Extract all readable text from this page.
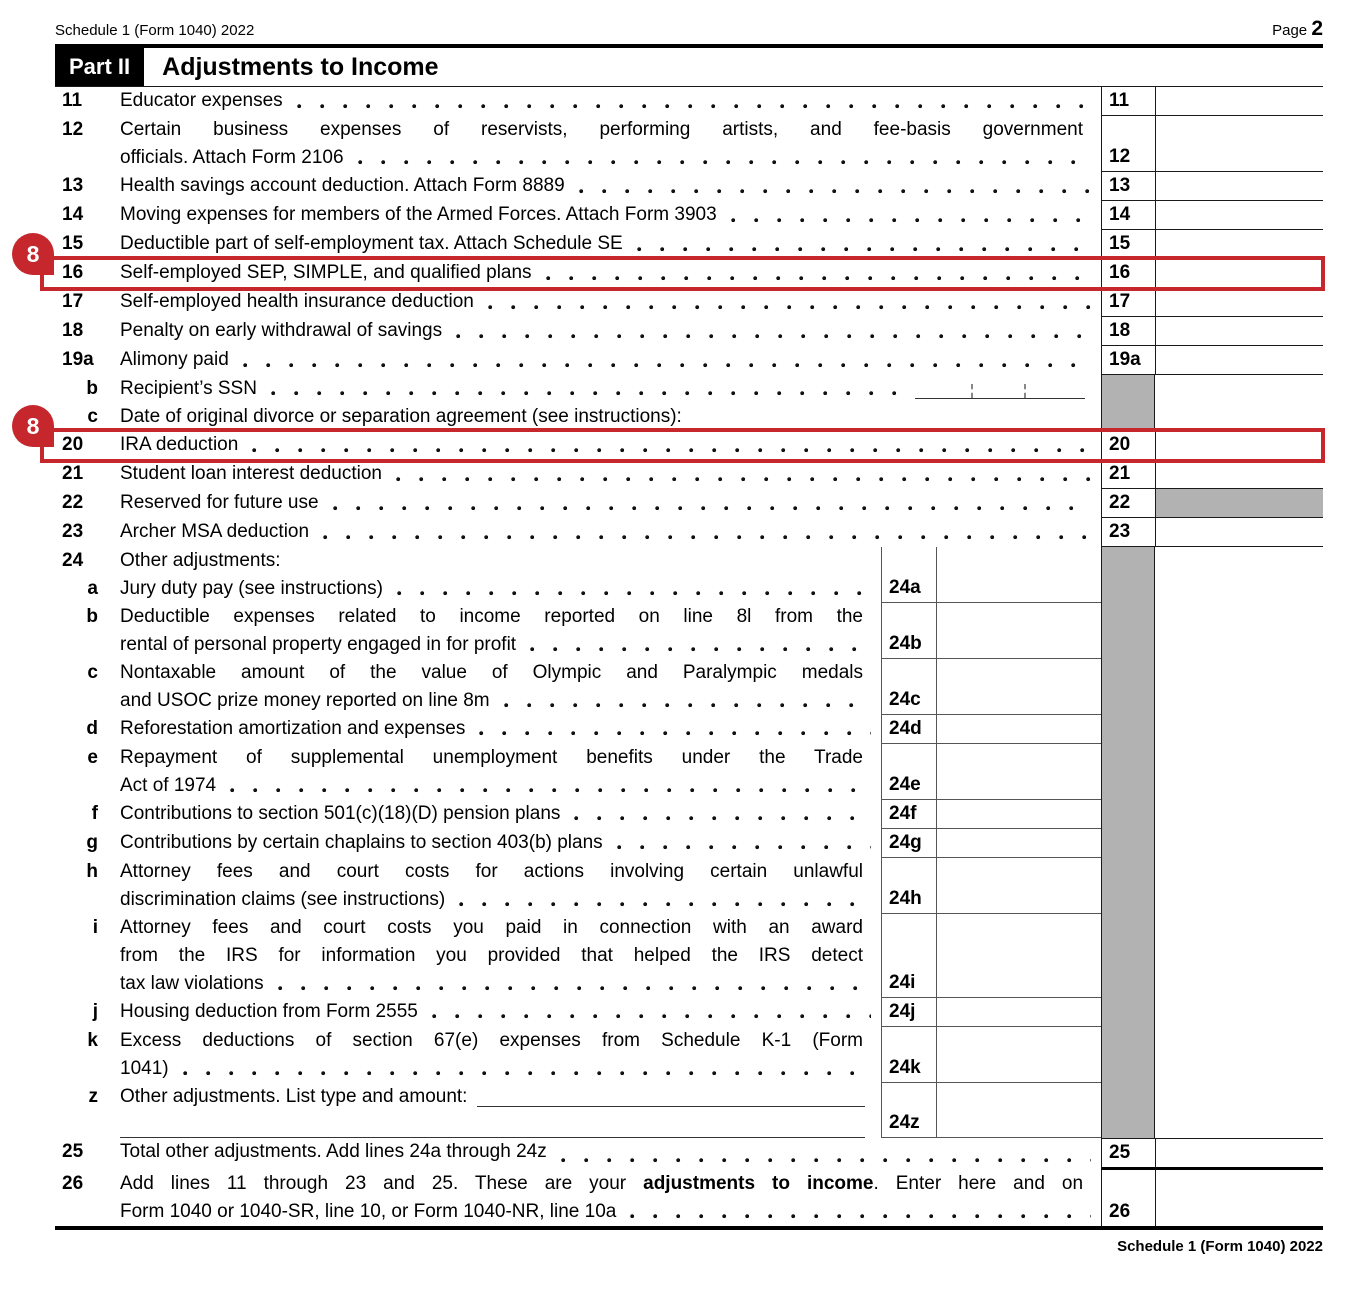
Schedule 1 (Form 1040) 2022	Page 2
Part II	Adjustments to Income
11	Educator expenses	11
12	Certain business expenses of reservists, performing artists, and fee-basis government
officials. Attach Form 2106	12
13	Health savings account deduction. Attach Form 8889	13
14	Moving expenses for members of the Armed Forces. Attach Form 3903	14
15	Deductible part of self-employment tax. Attach Schedule SE	15
8
16	Self-employed SEP, SIMPLE, and qualified plans	16
17	Self-employed health insurance deduction	17
18	Penalty on early withdrawal of savings	18
19a	Alimony paid	19a
b	Recipient’s SSN
c	Date of original divorce or separation agreement (see instructions):
8
20	IRA deduction	20
21	Student loan interest deduction	21
22	Reserved for future use	22
23	Archer MSA deduction	23
24	Other adjustments:
a	Jury duty pay (see instructions)	24a
b	Deductible expenses related to income reported on line 8l from the
rental of personal property engaged in for profit	24b
c	Nontaxable amount of the value of Olympic and Paralympic medals
and USOC prize money reported on line 8m	24c
d	Reforestation amortization and expenses	24d
e	Repayment of supplemental unemployment benefits under the Trade
Act of 1974	24e
f	Contributions to section 501(c)(18)(D) pension plans	24f
g	Contributions by certain chaplains to section 403(b) plans	24g
h	Attorney fees and court costs for actions involving certain unlawful
discrimination claims (see instructions)	24h
i	Attorney fees and court costs you paid in connection with an award
from the IRS for information you provided that helped the IRS detect
tax law violations	24i
j	Housing deduction from Form 2555	24j
k	Excess deductions of section 67(e) expenses from Schedule K-1 (Form
1041)	24k
z	Other adjustments. List type and amount:
24z
25	Total other adjustments. Add lines 24a through 24z	25
26	Add lines 11 through 23 and 25. These are your adjustments to income. Enter here and on
Form 1040 or 1040-SR, line 10, or Form 1040-NR, line 10a	26
Schedule 1 (Form 1040) 2022
